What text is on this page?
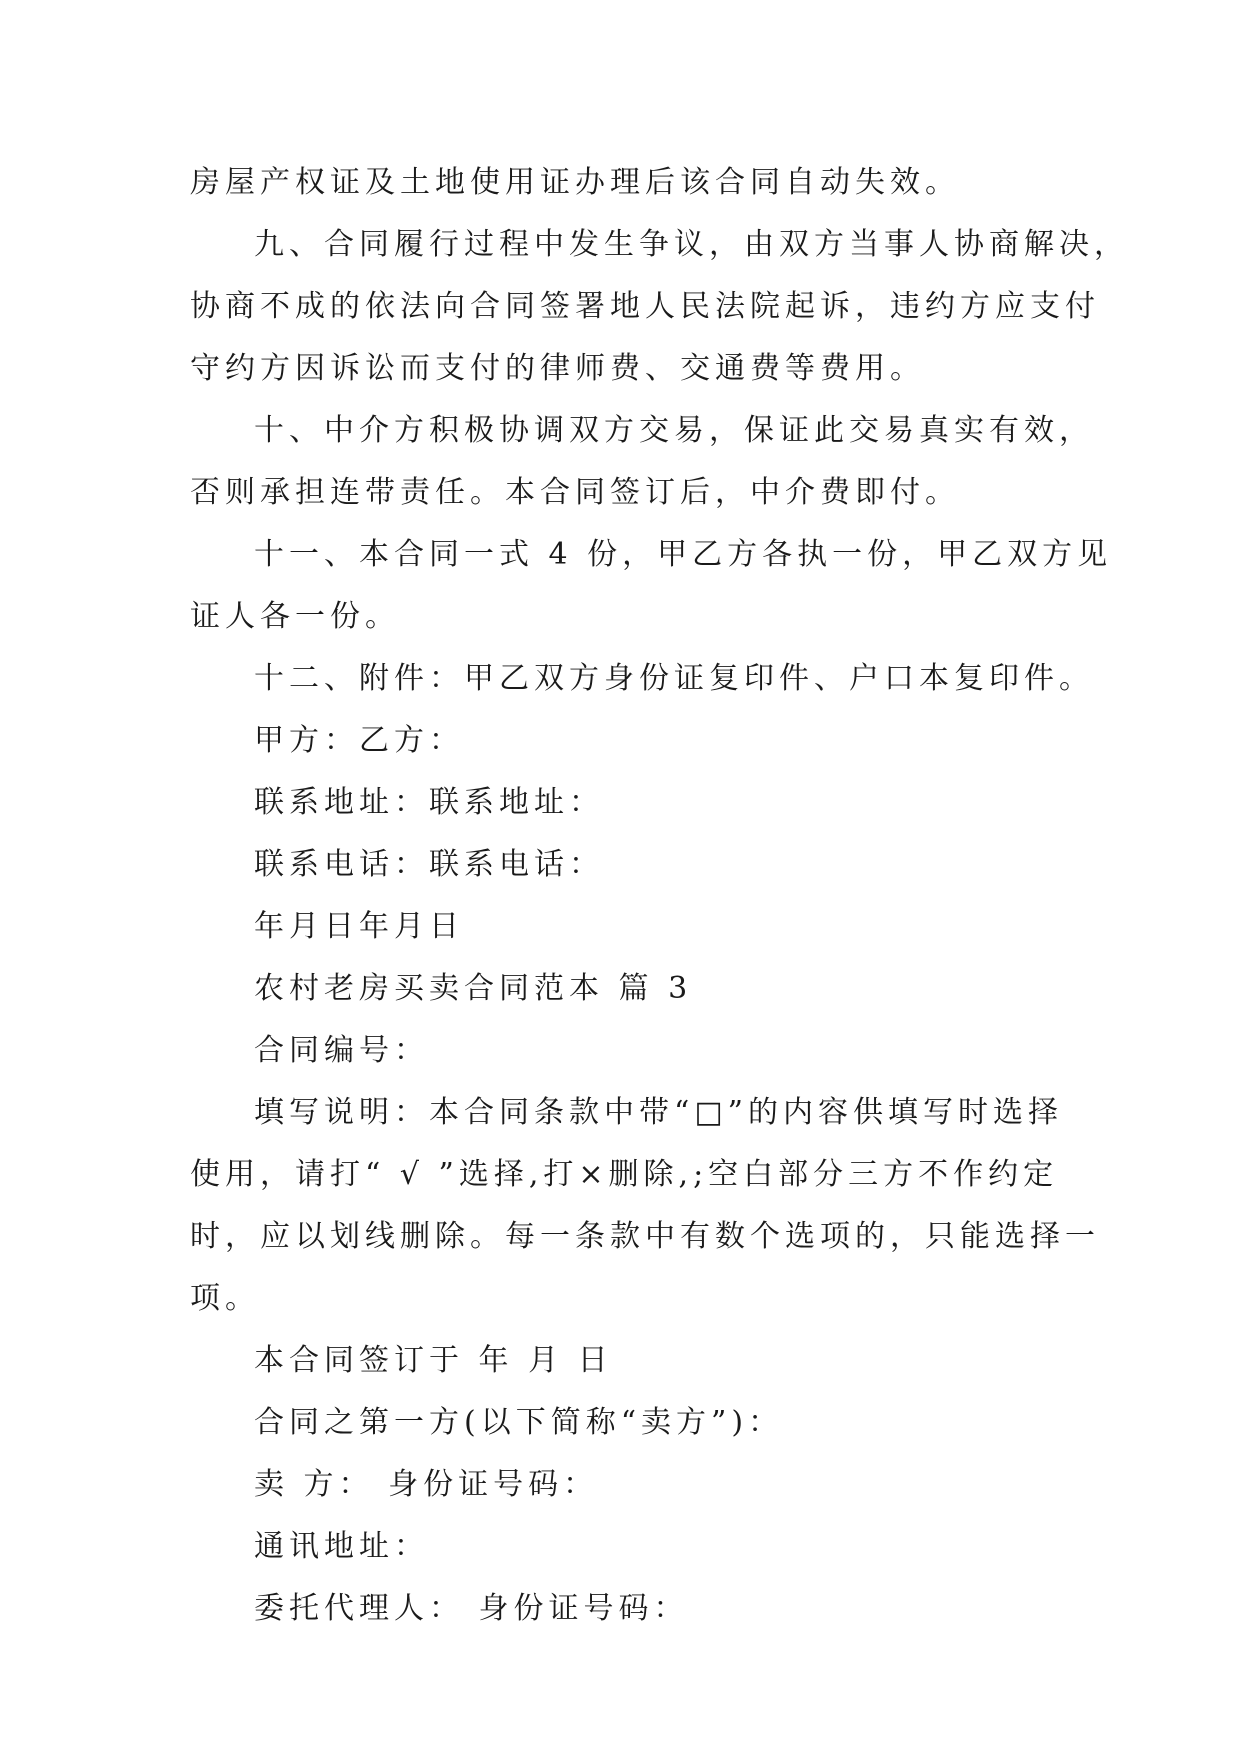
房屋产权证及土地使用证办理后该合同自动失效。
九、合同履行过程中发生争议，由双方当事人协商解决，
协商不成的依法向合同签署地人民法院起诉，违约方应支付
守约方因诉讼而支付的律师费、交通费等费用。
十、中介方积极协调双方交易，保证此交易真实有效，
否则承担连带责任。本合同签订后，中介费即付。
十一、本合同一式 4 份，甲乙方各执一份，甲乙双方见
证人各一份。
十二、附件：甲乙双方身份证复印件、户口本复印件。
甲方：乙方：
联系地址：联系地址：
联系电话：联系电话：
年月日年月日
农村老房买卖合同范本 篇 3
合同编号：
填写说明：本合同条款中带“□”的内容供填写时选择
使用，请打“ √ ”选择,打×删除,;空白部分三方不作约定
时，应以划线删除。每一条款中有数个选项的，只能选择一
项。
本合同签订于 年 月 日
合同之第一方(以下简称“卖方”)：
卖 方： 身份证号码：
通讯地址：
委托代理人： 身份证号码：
